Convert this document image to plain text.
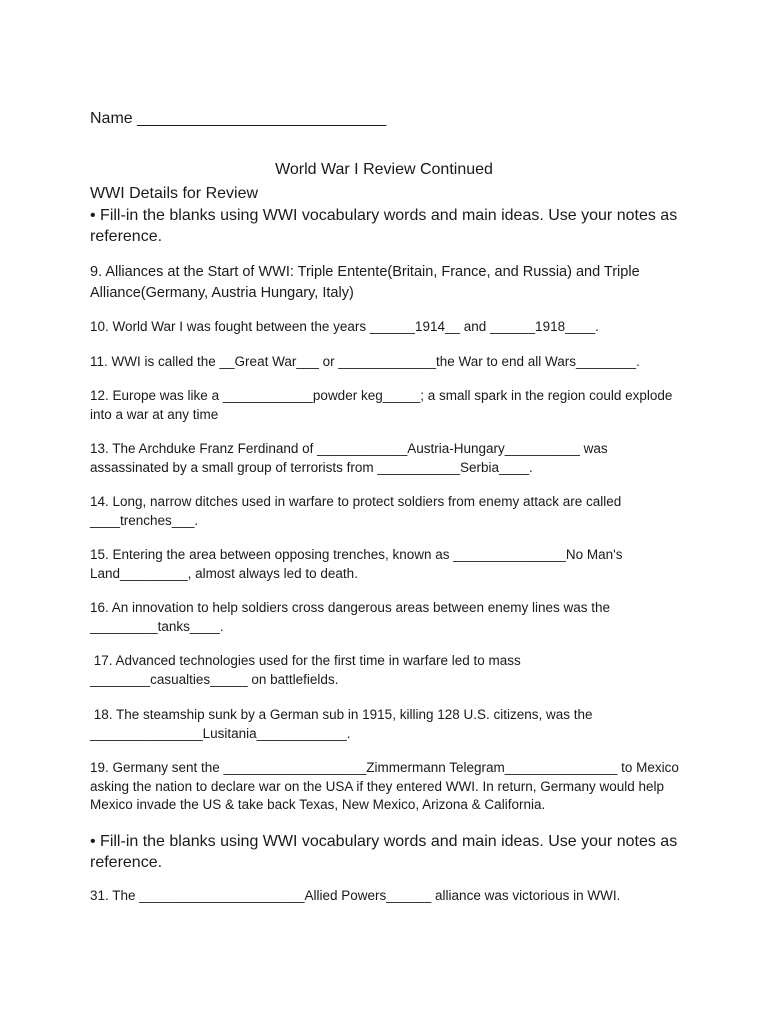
Name ____________________________

World War I Review Continued

WWI Details for Review

• Fill-in the blanks using WWI vocabulary words and main ideas. Use your notes as reference.

9. Alliances at the Start of WWI: Triple Entente(Britain, France, and Russia) and Triple Alliance(Germany, Austria Hungary, Italy)

10. World War I was fought between the years ______1914__ and ______1918____.

11. WWI is called the __Great War___ or _____________the War to end all Wars________.

12. Europe was like a ____________powder keg_____; a small spark in the region could explode into a war at any time

13. The Archduke Franz Ferdinand of ____________Austria-Hungary__________ was assassinated by a small group of terrorists from ___________Serbia____.

14. Long, narrow ditches used in warfare to protect soldiers from enemy attack are called ____trenches___.

15. Entering the area between opposing trenches, known as _______________No Man's Land_________, almost always led to death.

16. An innovation to help soldiers cross dangerous areas between enemy lines was the _________tanks____.

17. Advanced technologies used for the first time in warfare led to mass ________casualties_____ on battlefields.

18. The steamship sunk by a German sub in 1915, killing 128 U.S. citizens, was the _______________Lusitania____________.

19. Germany sent the ___________________Zimmermann Telegram_______________ to Mexico asking the nation to declare war on the USA if they entered WWI. In return, Germany would help Mexico invade the US & take back Texas, New Mexico, Arizona & California.

• Fill-in the blanks using WWI vocabulary words and main ideas. Use your notes as reference.

31. The ______________________Allied Powers______ alliance was victorious in WWI.
